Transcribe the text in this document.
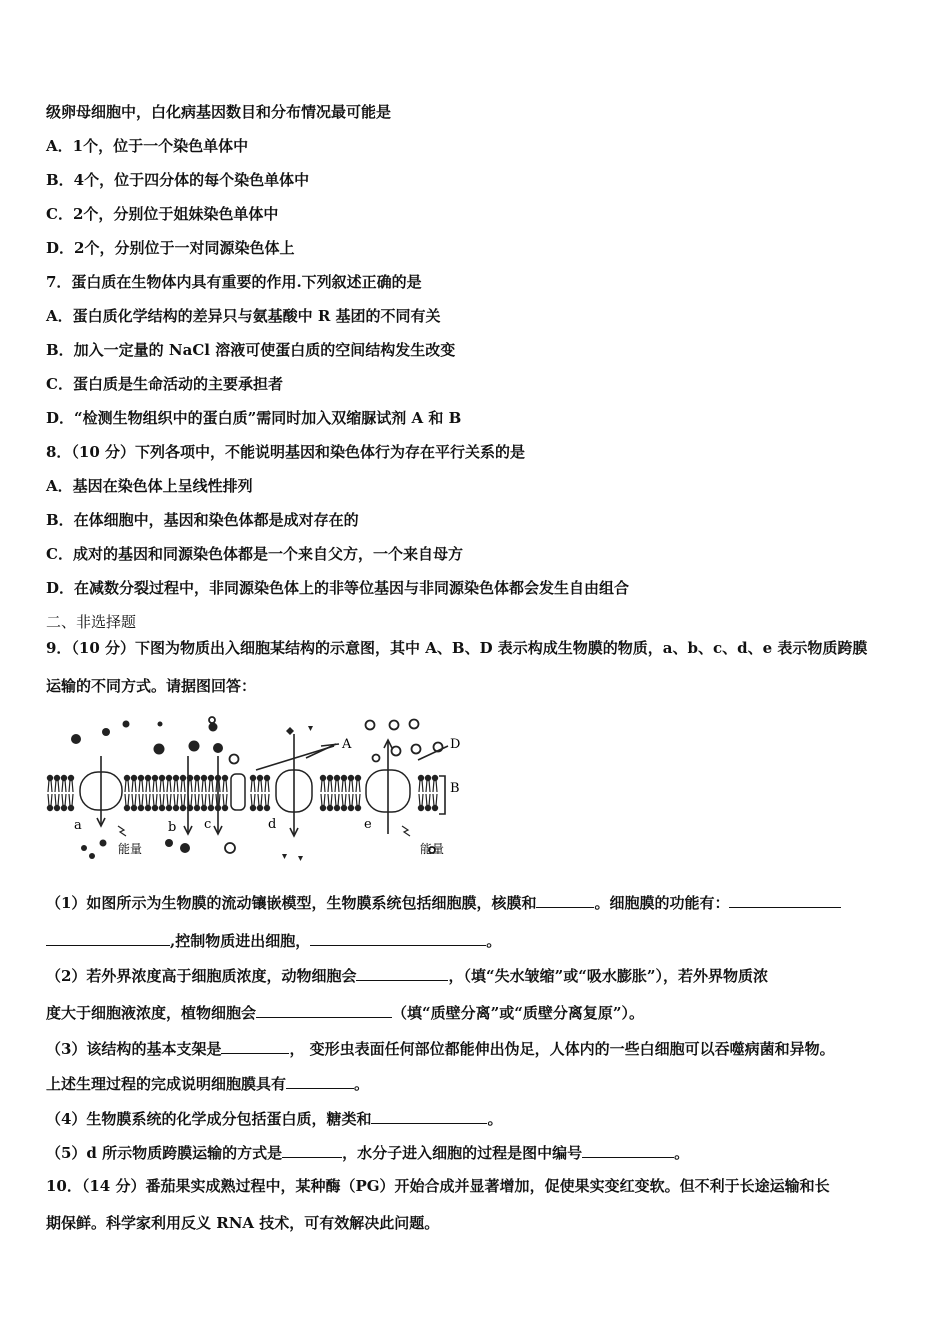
级卵母细胞中，白化病基因数目和分布情况最可能是
A．1个，位于一个染色单体中
B．4个，位于四分体的每个染色单体中
C．2个，分别位于姐妹染色单体中
D．2个，分别位于一对同源染色体上
7．蛋白质在生物体内具有重要的作用.下列叙述正确的是
A．蛋白质化学结构的差异只与氨基酸中 R 基团的不同有关
B．加入一定量的 NaCl 溶液可使蛋白质的空间结构发生改变
C．蛋白质是生命活动的主要承担者
D．“检测生物组织中的蛋白质”需同时加入双缩脲试剂 A 和 B
8．（10 分）下列各项中，不能说明基因和染色体行为存在平行关系的是
A．基因在染色体上呈线性排列
B．在体细胞中，基因和染色体都是成对存在的
C．成对的基因和同源染色体都是一个来自父方，一个来自母方
D．在减数分裂过程中，非同源染色体上的非等位基因与非同源染色体都会发生自由组合
二、非选择题
9．（10 分）下图为物质出入细胞某结构的示意图，其中 A、B、D 表示构成生物膜的物质，a、b、c、d、e 表示物质跨膜
运输的不同方式。请据图回答：
A
B
D
a	b c	d	e
能量	能量
（1）如图所示为生物膜的流动镶嵌模型，生物膜系统包括细胞膜，核膜和	。细胞膜的功能有：
,控制物质进出细胞，	。
（2）若外界浓度高于细胞质浓度，动物细胞会	，（填“失水皱缩”或“吸水膨胀”），若外界物质浓
度大于细胞液浓度，植物细胞会	（填“质壁分离”或“质壁分离复原”）。
（3）该结构的基本支架是	， 变形虫表面任何部位都能伸出伪足，人体内的一些白细胞可以吞噬病菌和异物。
上述生理过程的完成说明细胞膜具有	。
（4）生物膜系统的化学成分包括蛋白质，糖类和	。
（5）d 所示物质跨膜运输的方式是	，水分子进入细胞的过程是图中编号	。
10．（14 分）番茄果实成熟过程中，某种酶（PG）开始合成并显著增加，促使果实变红变软。但不利于长途运输和长
期保鲜。科学家利用反义 RNA 技术，可有效解决此问题。
